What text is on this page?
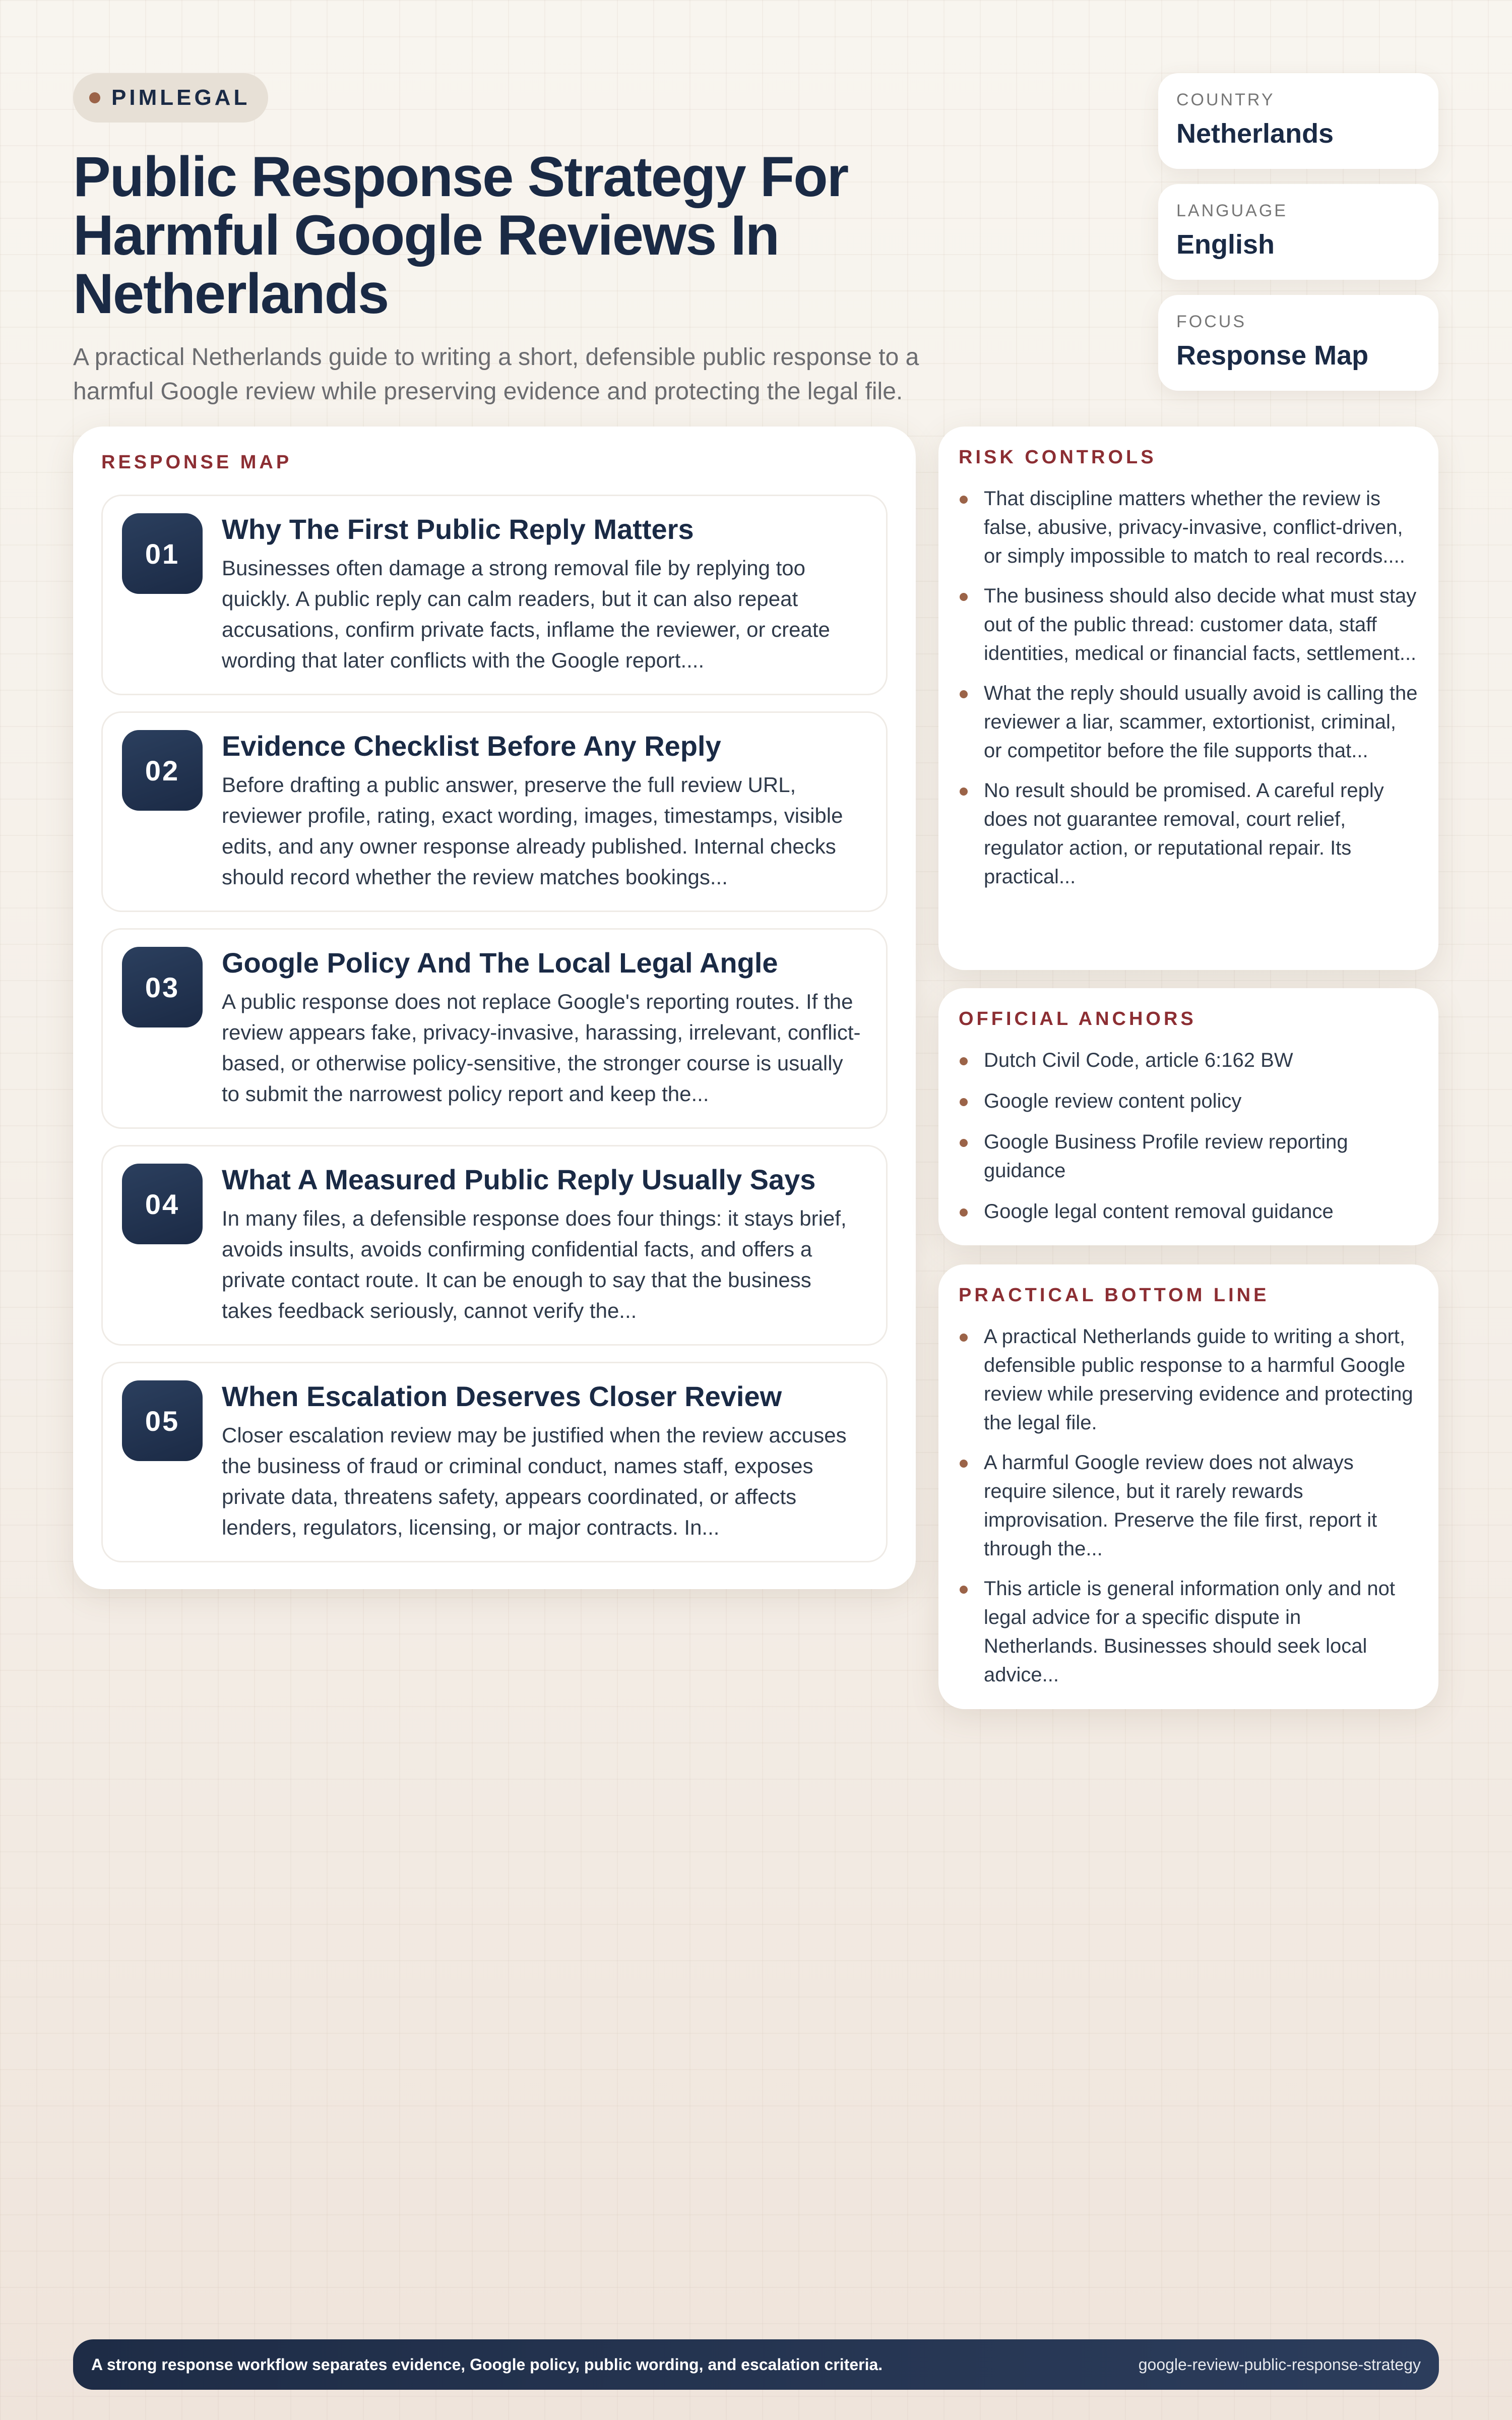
PIMLEGAL
Public Response Strategy For Harmful Google Reviews In Netherlands

A practical Netherlands guide to writing a short, defensible public response to a harmful Google review while preserving evidence and protecting the legal file.

COUNTRY
Netherlands
LANGUAGE
English
FOCUS
Response Map
RESPONSE MAP
01
Why The First Public Reply Matters
Businesses often damage a strong removal file by replying too quickly. A public reply can calm readers, but it can also repeat accusations, confirm private facts, inflame the reviewer, or create wording that later conflicts with the Google report....
02
Evidence Checklist Before Any Reply
Before drafting a public answer, preserve the full review URL, reviewer profile, rating, exact wording, images, timestamps, visible edits, and any owner response already published. Internal checks should record whether the review matches bookings...
03
Google Policy And The Local Legal Angle
A public response does not replace Google's reporting routes. If the review appears fake, privacy-invasive, harassing, irrelevant, conflict-based, or otherwise policy-sensitive, the stronger course is usually to submit the narrowest policy report and keep the...
04
What A Measured Public Reply Usually Says
In many files, a defensible response does four things: it stays brief, avoids insults, avoids confirming confidential facts, and offers a private contact route. It can be enough to say that the business takes feedback seriously, cannot verify the...
05
When Escalation Deserves Closer Review
Closer escalation review may be justified when the review accuses the business of fraud or criminal conduct, names staff, exposes private data, threatens safety, appears coordinated, or affects lenders, regulators, licensing, or major contracts. In...
RISK CONTROLS
That discipline matters whether the review is false, abusive, privacy-invasive, conflict-driven, or simply impossible to match to real records....
The business should also decide what must stay out of the public thread: customer data, staff identities, medical or financial facts, settlement...
What the reply should usually avoid is calling the reviewer a liar, scammer, extortionist, criminal, or competitor before the file supports that...
No result should be promised. A careful reply does not guarantee removal, court relief, regulator action, or reputational repair. Its practical...
OFFICIAL ANCHORS
Dutch Civil Code, article 6:162 BW
Google review content policy
Google Business Profile review reporting guidance
Google legal content removal guidance
PRACTICAL BOTTOM LINE
A practical Netherlands guide to writing a short, defensible public response to a harmful Google review while preserving evidence and protecting the legal file.
A harmful Google review does not always require silence, but it rarely rewards improvisation. Preserve the file first, report it through the...
This article is general information only and not legal advice for a specific dispute in Netherlands. Businesses should seek local advice...
A strong response workflow separates evidence, Google policy, public wording, and escalation criteria.	google-review-public-response-strategy
